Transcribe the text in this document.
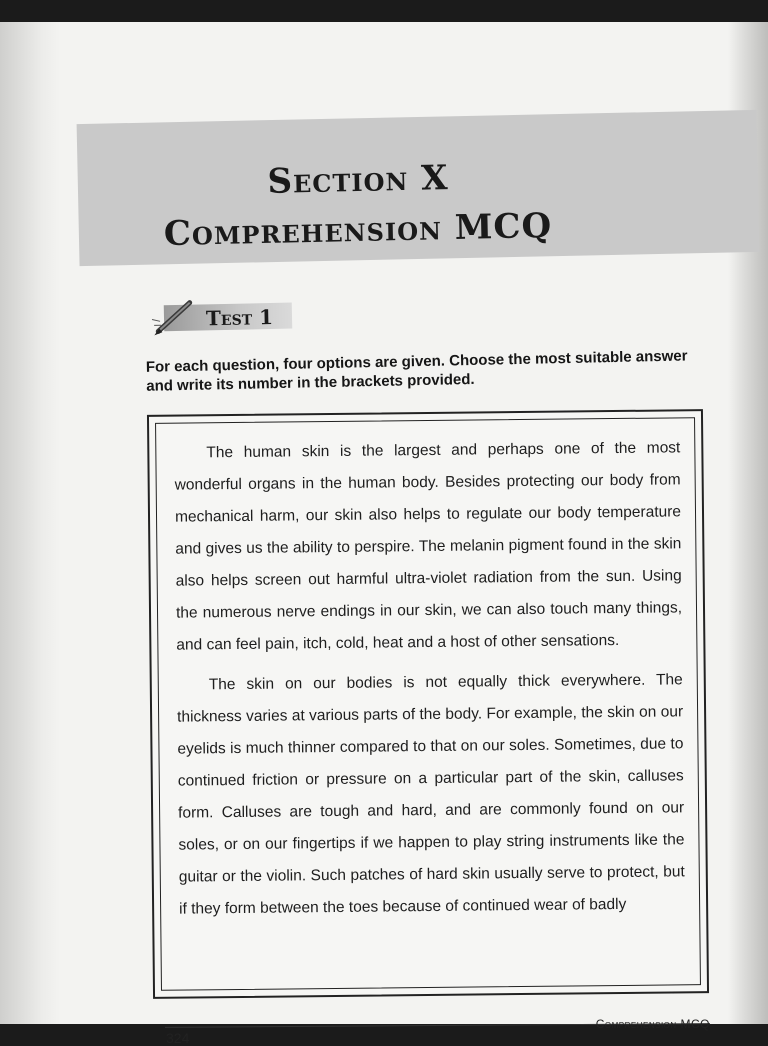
Section X
Comprehension MCQ
Test 1

For each question, four options are given. Choose the most suitable answer and write its number in the brackets provided.

The human skin is the largest and perhaps one of the most wonderful organs in the human body. Besides protecting our body from mechanical harm, our skin also helps to regulate our body temperature and gives us the ability to perspire. The melanin pigment found in the skin also helps screen out harmful ultra-violet radiation from the sun. Using the numerous nerve endings in our skin, we can also touch many things, and can feel pain, itch, cold, heat and a host of other sensations.

The skin on our bodies is not equally thick everywhere. The thickness varies at various parts of the body. For example, the skin on our eyelids is much thinner compared to that on our soles. Sometimes, due to continued friction or pressure on a particular part of the skin, calluses form. Calluses are tough and hard, and are commonly found on our soles, or on our fingertips if we happen to play string instruments like the guitar or the violin. Such patches of hard skin usually serve to protect, but if they form between the toes because of continued wear of badly

324
Comprehension MCQ
